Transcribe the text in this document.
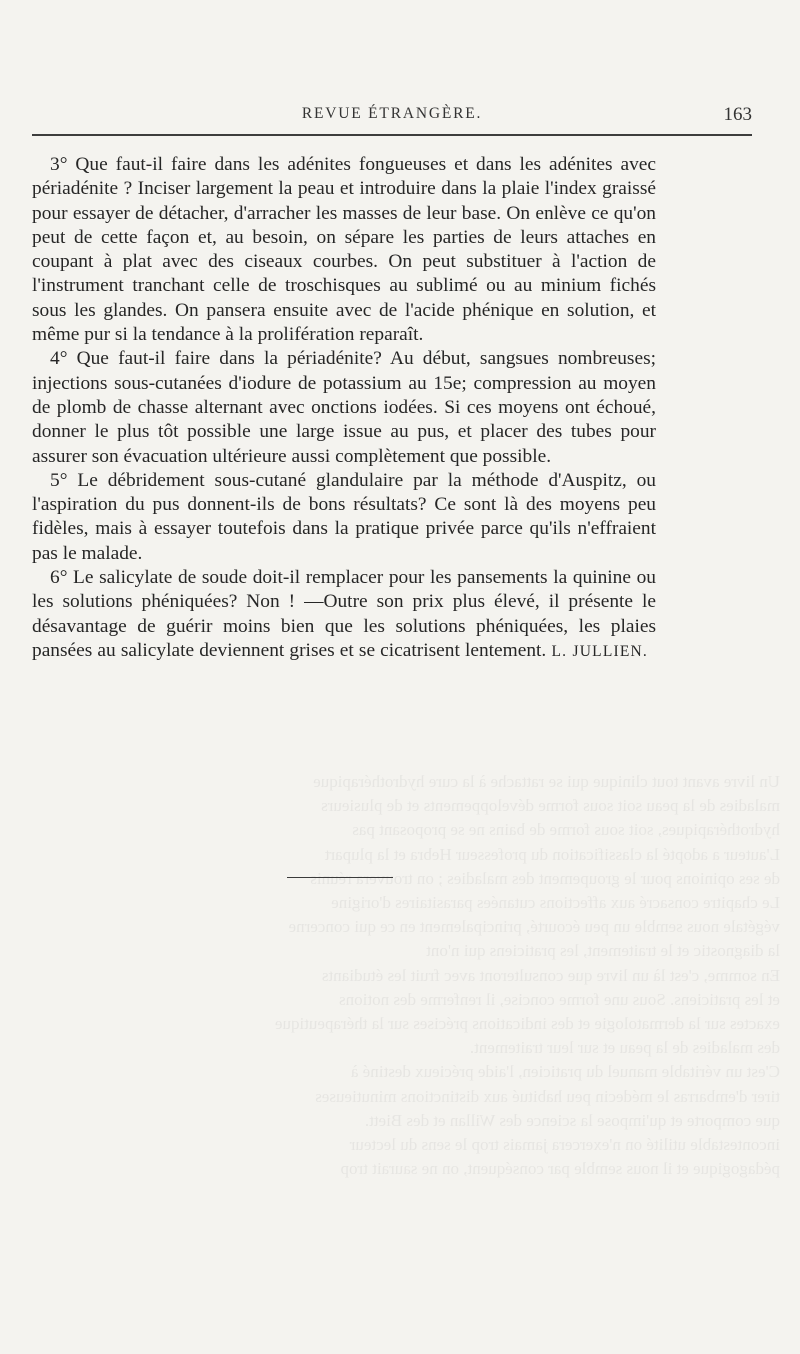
Un livre avant tout clinique qui se rattache à la cure hydrothérapique
maladies de la peau soit sous forme développements et de plusieurs
hydrothérapiques, soit sous forme de bains ne se proposant pas
L'auteur a adopté la classification du professeur Hebra et la plupart
de ses opinions pour le groupement des maladies ; on trouvera réunis
Le chapitre consacré aux affections cutanées parasitaires d'origine
végétale nous semble un peu écourté, principalement en ce qui concerne
la diagnostic et le traitement, les praticiens qui n'ont
En somme, c'est là un livre que consulteront avec fruit les étudiants
et les praticiens. Sous une forme concise, il renferme des notions
exactes sur la dermatologie et des indications précises sur la thérapeutique
des maladies de la peau et sur leur traitement.
C'est un véritable manuel du praticien, l'aide précieux destiné à
tirer d'embarras le médecin peu habitué aux distinctions minutieuses
que comporte et qu'impose la science des Willan et des Biett.
incontestable utilité on n'exercera jamais trop le sens du lecteur
pédagogique et il nous semble par conséquent, on ne saurait trop
REVUE ÉTRANGÈRE.	163

3° Que faut-il faire dans les adénites fongueuses et dans les adénites avec périadénite ? Inciser largement la peau et introduire dans la plaie l'index graissé pour essayer de détacher, d'arracher les masses de leur base. On enlève ce qu'on peut de cette façon et, au besoin, on sépare les parties de leurs attaches en coupant à plat avec des ciseaux courbes. On peut substituer à l'action de l'instrument tranchant celle de troschisques au sublimé ou au minium fichés sous les glandes. On pansera ensuite avec de l'acide phénique en solution, et même pur si la tendance à la prolifération reparaît.

4° Que faut-il faire dans la périadénite? Au début, sangsues nombreuses; injections sous-cutanées d'iodure de potassium au 15e; compression au moyen de plomb de chasse alternant avec onctions iodées. Si ces moyens ont échoué, donner le plus tôt possible une large issue au pus, et placer des tubes pour assurer son évacuation ultérieure aussi complètement que possible.

5° Le débridement sous-cutané glandulaire par la méthode d'Auspitz, ou l'aspiration du pus donnent-ils de bons résultats? Ce sont là des moyens peu fidèles, mais à essayer toutefois dans la pratique privée parce qu'ils n'effraient pas le malade.

6° Le salicylate de soude doit-il remplacer pour les pansements la quinine ou les solutions phéniquées? Non ! —Outre son prix plus élevé, il présente le désavantage de guérir moins bien que les solutions phéniquées, les plaies pansées au salicylate deviennent grises et se cicatrisent lentement. L. JULLIEN.
